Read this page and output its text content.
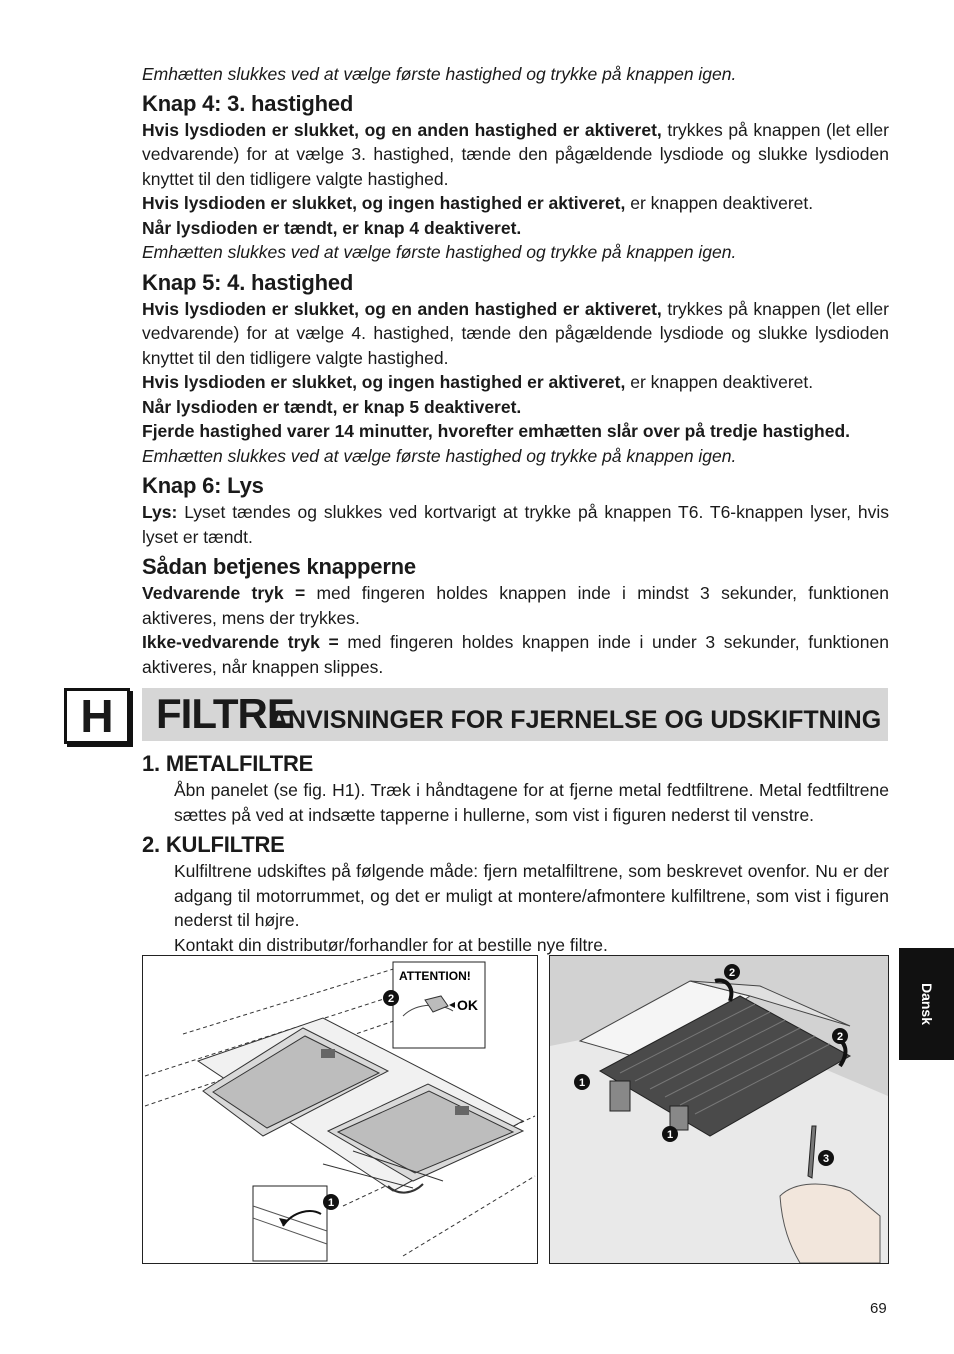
Emhætten slukkes ved at vælge første hastighed og trykke på knappen igen.

Knap 4: 3. hastighed

Hvis lysdioden er slukket, og en anden hastighed er aktiveret, trykkes på knappen (let eller vedvarende) for at vælge 3. hastighed, tænde den pågældende lysdiode og slukke lysdioden knyttet til den tidligere valgte hastighed.

Hvis lysdioden er slukket, og ingen hastighed er aktiveret, er knappen deaktiveret.

Når lysdioden er tændt, er knap 4 deaktiveret.

Emhætten slukkes ved at vælge første hastighed og trykke på knappen igen.

Knap 5: 4. hastighed

Hvis lysdioden er slukket, og en anden hastighed er aktiveret, trykkes på knappen (let eller vedvarende) for at vælge 4. hastighed, tænde den pågældende lysdiode og slukke lysdioden knyttet til den tidligere valgte hastighed.

Hvis lysdioden er slukket, og ingen hastighed er aktiveret, er knappen deaktiveret.

Når lysdioden er tændt, er knap 5 deaktiveret.

Fjerde hastighed varer 14 minutter, hvorefter emhætten slår over på tredje hastighed.

Emhætten slukkes ved at vælge første hastighed og trykke på knappen igen.

Knap 6: Lys

Lys: Lyset tændes og slukkes ved kortvarigt at trykke på knappen T6. T6-knappen lyser, hvis lyset er tændt.

Sådan betjenes knapperne

Vedvarende tryk = med fingeren holdes knappen inde i mindst 3 sekunder, funktionen aktiveres, mens der trykkes.

Ikke-vedvarende tryk = med fingeren holdes knappen inde i under 3 sekunder, funktionen aktiveres, når knappen slippes.

H	FILTRE
ANVISNINGER FOR FJERNELSE OG UDSKIFTNING
1. METALFILTRE

Åbn panelet (se fig. H1). Træk i håndtagene for at fjerne metal fedtfiltrene. Metal fedtfiltrene sættes på ved at indsætte tapperne i hullerne, som vist i figuren nederst til venstre.

2. KULFILTRE

Kulfiltrene udskiftes på følgende måde: fjern metalfiltrene, som beskrevet ovenfor. Nu er der adgang til motorrummet, og det er muligt at montere/afmontere kulfiltrene, som vist i figuren nederst til højre.

Kontakt din distributør/forhandler for at bestille nye filtre.

ATTENTION!
OK
2
1
2
2
1
1
3
Dansk
69
